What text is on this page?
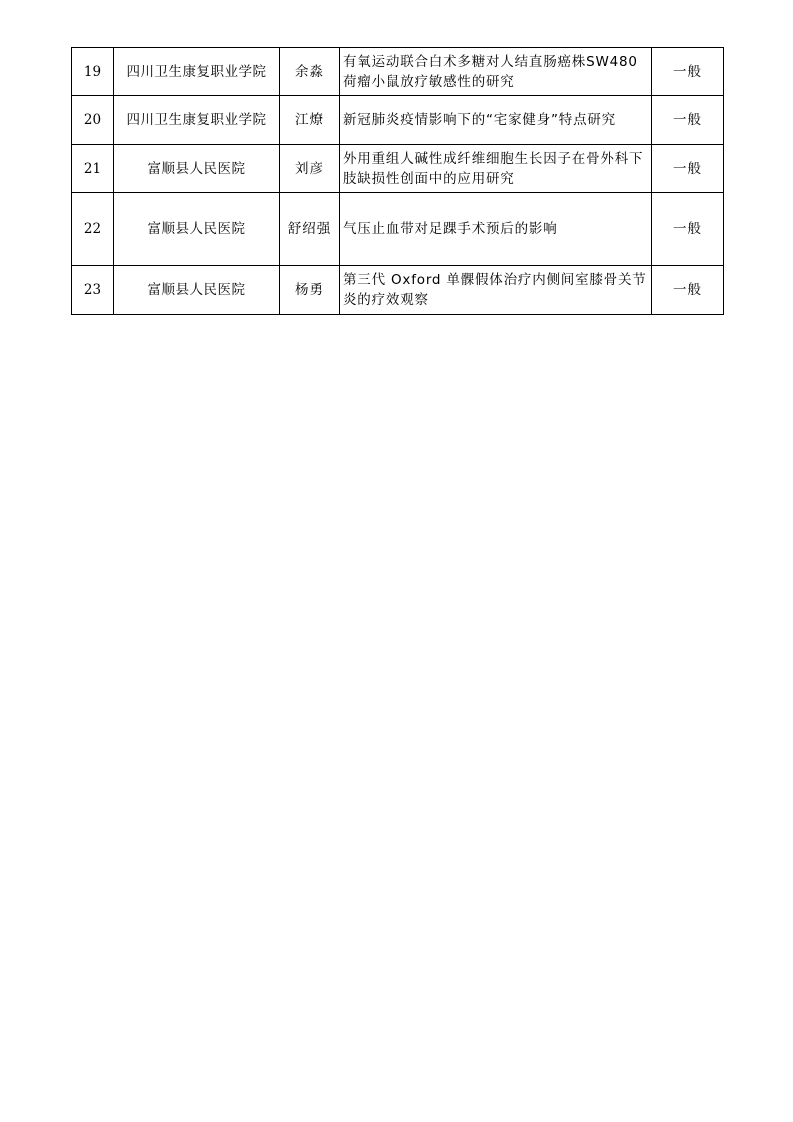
19	四川卫生康复职业学院	余淼	有氧运动联合白术多糖对人结直肠癌株SW480荷瘤小鼠放疗敏感性的研究	一般
20	四川卫生康复职业学院	江燎	新冠肺炎疫情影响下的“宅家健身”特点研究	一般
21	富顺县人民医院	刘彦	外用重组人碱性成纤维细胞生长因子在骨外科下肢缺损性创面中的应用研究	一般
22	富顺县人民医院	舒绍强	气压止血带对足踝手术预后的影响	一般
23	富顺县人民医院	杨勇	第三代 Oxford 单髁假体治疗内侧间室膝骨关节炎的疗效观察	一般
